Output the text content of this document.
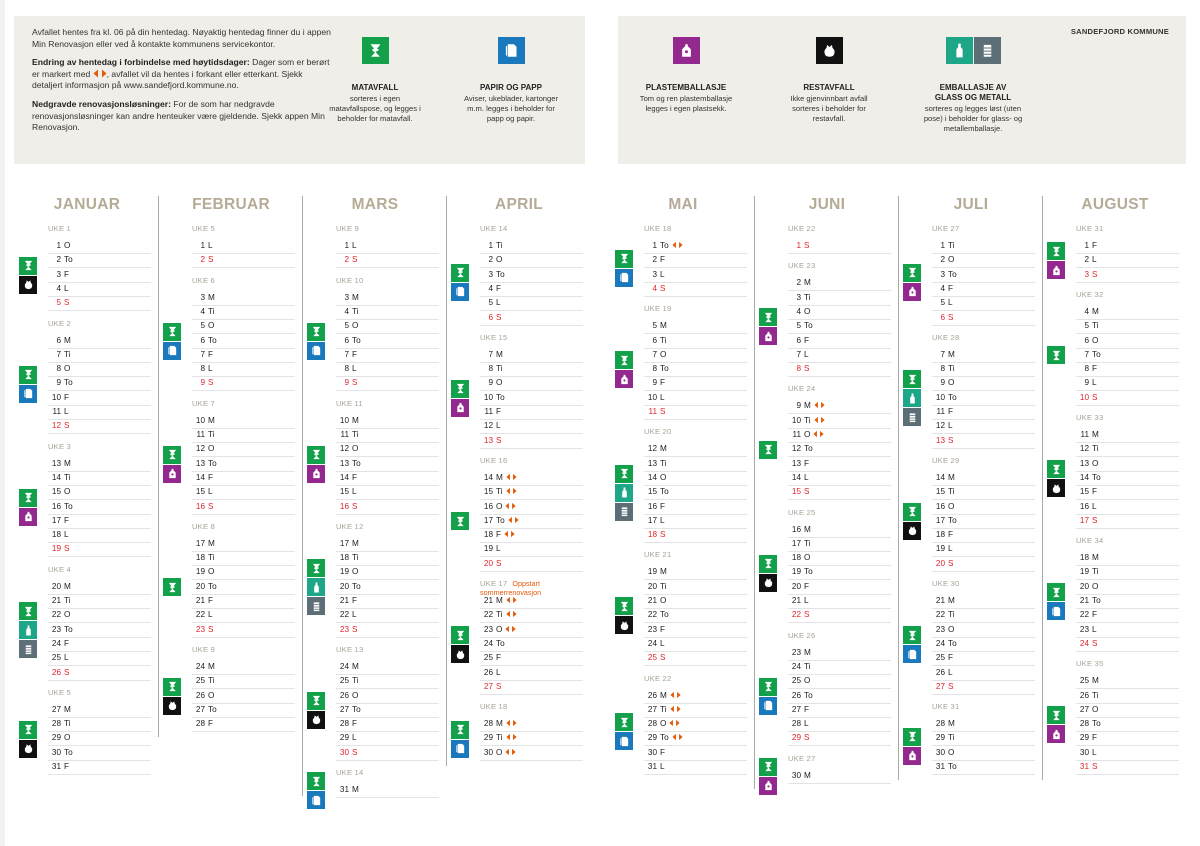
Avfallet hentes fra kl. 06 på din hentedag. Nøyaktig hentedag finner du i appen Min Renovasjon eller ved å kontakte kommunens servicekontor.

Endring av hentedag i forbindelse med høytidsdager: Dager som er berørt er markert med , avfallet vil da hentes i forkant eller etterkant. Sjekk detaljert informasjon på www.sandefjord.kommune.no.

Nedgravde renovasjonsløsninger: For de som har nedgravde renovasjonsløsninger kan andre henteuker være gjeldende. Sjekk appen Min Renovasjon.

MATAVFALL
sorteres i egen matavfallspose, og legges i beholder for matavfall.
PAPIR OG PAPP
Aviser, ukeblader, kartonger m.m. legges i beholder for papp og papir.
SANDEFJORD KOMMUNE
PLASTEMBALLASJE
Tom og ren plastemballasje legges i egen plastsekk.
RESTAVFALL
Ikke gjenvinnbart avfall sorteres i beholder for restavfall.
EMBALLASJE AV GLASS OG METALL
sorteres og legges løst (uten pose) i beholder for glass- og metallemballasje.
JANUAR
UKE 1
1 O
2 To
3 F
4 L
5 S
UKE 2
6 M
7 Ti
8 O
9 To
10 F
11 L
12 S
UKE 3
13 M
14 Ti
15 O
16 To
17 F
18 L
19 S
UKE 4
20 M
21 Ti
22 O
23 To
24 F
25 L
26 S
UKE 5
27 M
28 Ti
29 O
30 To
31 F
FEBRUAR
UKE 5
1 L
2 S
UKE 6
3 M
4 Ti
5 O
6 To
7 F
8 L
9 S
UKE 7
10 M
11 Ti
12 O
13 To
14 F
15 L
16 S
UKE 8
17 M
18 Ti
19 O
20 To
21 F
22 L
23 S
UKE 9
24 M
25 Ti
26 O
27 To
28 F
MARS
UKE 9
1 L
2 S
UKE 10
3 M
4 Ti
5 O
6 To
7 F
8 L
9 S
UKE 11
10 M
11 Ti
12 O
13 To
14 F
15 L
16 S
UKE 12
17 M
18 Ti
19 O
20 To
21 F
22 L
23 S
UKE 13
24 M
25 Ti
26 O
27 To
28 F
29 L
30 S
UKE 14
31 M
APRIL
UKE 14
1 Ti
2 O
3 To
4 F
5 L
6 S
UKE 15
7 M
8 Ti
9 O
10 To
11 F
12 L
13 S
UKE 16
14 M
15 Ti
16 O
17 To
18 F
19 L
20 S
UKE 17 Oppstart sommerrenovasjon
21 M
22 Ti
23 O
24 To
25 F
26 L
27 S
UKE 18
28 M
29 Ti
30 O
MAI
UKE 18
1 To
2 F
3 L
4 S
UKE 19
5 M
6 Ti
7 O
8 To
9 F
10 L
11 S
UKE 20
12 M
13 Ti
14 O
15 To
16 F
17 L
18 S
UKE 21
19 M
20 Ti
21 O
22 To
23 F
24 L
25 S
UKE 22
26 M
27 Ti
28 O
29 To
30 F
31 L
JUNI
UKE 22
1 S
UKE 23
2 M
3 Ti
4 O
5 To
6 F
7 L
8 S
UKE 24
9 M
10 Ti
11 O
12 To
13 F
14 L
15 S
UKE 25
16 M
17 Ti
18 O
19 To
20 F
21 L
22 S
UKE 26
23 M
24 Ti
25 O
26 To
27 F
28 L
29 S
UKE 27
30 M
JULI
UKE 27
1 Ti
2 O
3 To
4 F
5 L
6 S
UKE 28
7 M
8 Ti
9 O
10 To
11 F
12 L
13 S
UKE 29
14 M
15 Ti
16 O
17 To
18 F
19 L
20 S
UKE 30
21 M
22 Ti
23 O
24 To
25 F
26 L
27 S
UKE 31
28 M
29 Ti
30 O
31 To
AUGUST
UKE 31
1 F
2 L
3 S
UKE 32
4 M
5 Ti
6 O
7 To
8 F
9 L
10 S
UKE 33
11 M
12 Ti
13 O
14 To
15 F
16 L
17 S
UKE 34
18 M
19 Ti
20 O
21 To
22 F
23 L
24 S
UKE 35
25 M
26 Ti
27 O
28 To
29 F
30 L
31 S
